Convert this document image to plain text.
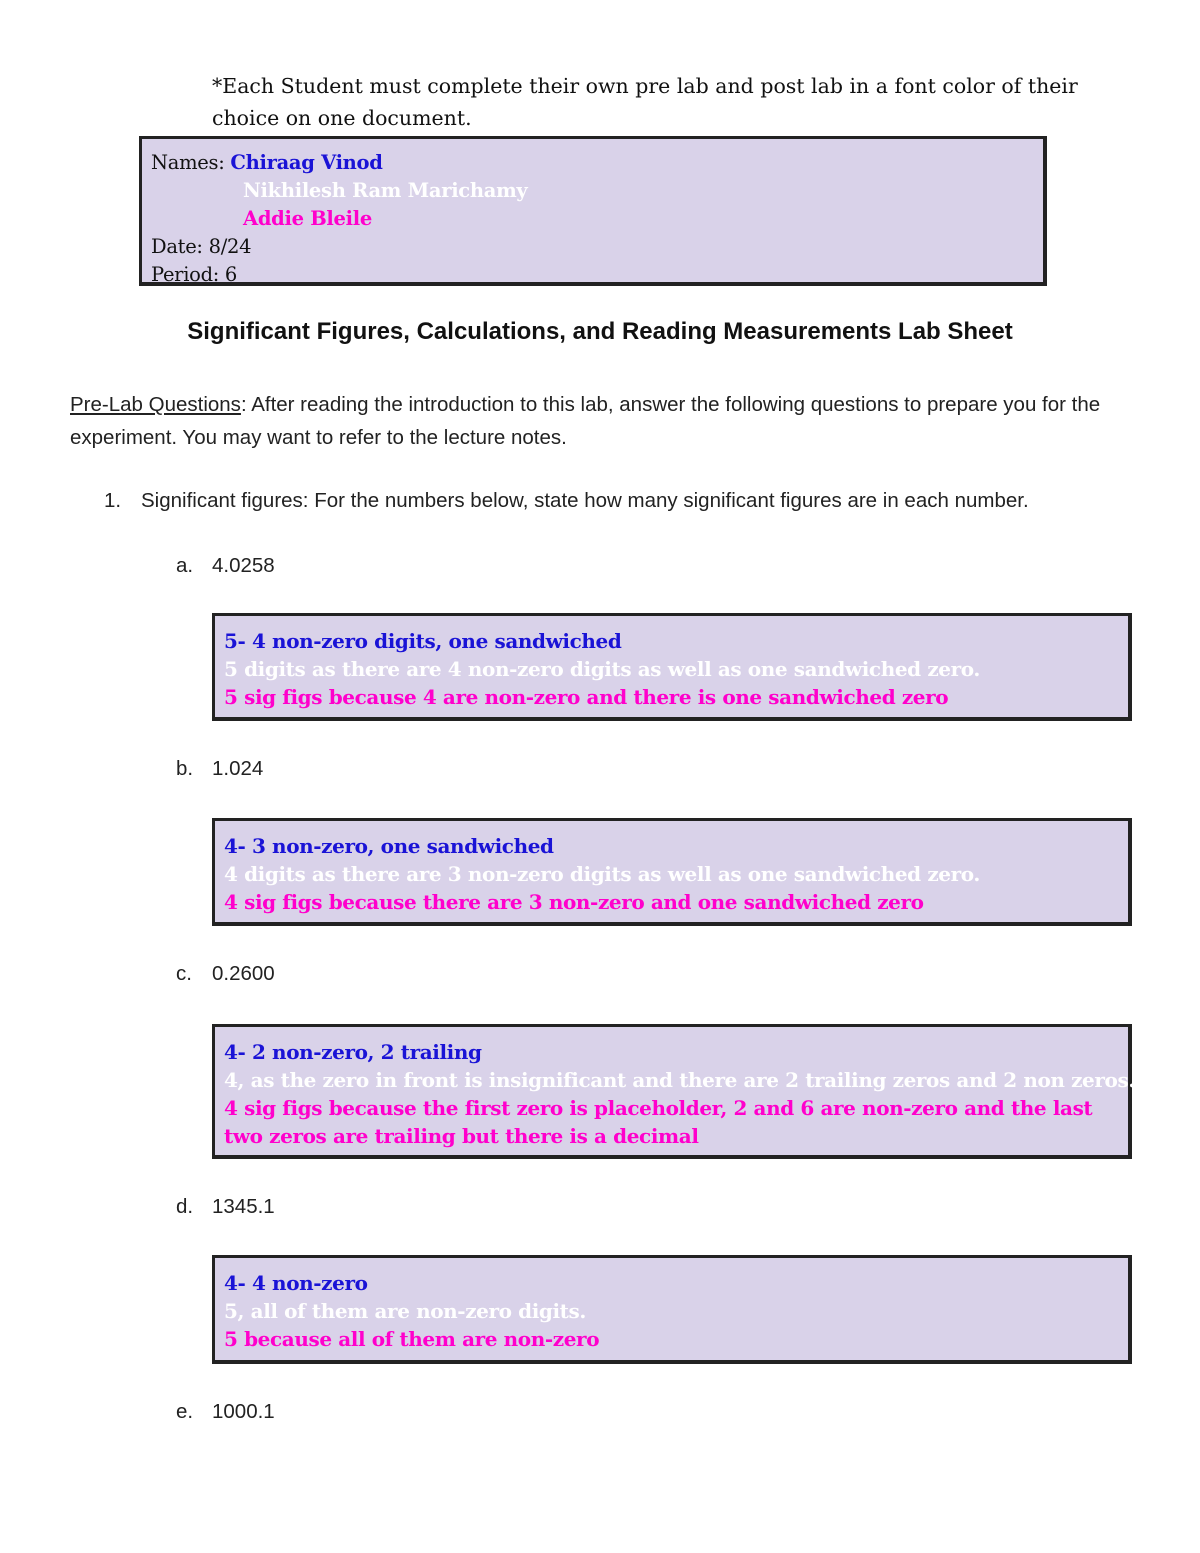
*Each Student must complete their own pre lab and post lab in a font color of their choice on one document.
Names: Chiraag Vinod
Nikhilesh Ram Marichamy
Addie Bleile
Date: 8/24
Period: 6
Significant Figures, Calculations, and Reading Measurements Lab Sheet
Pre-Lab Questions: After reading the introduction to this lab, answer the following questions to prepare you for the experiment. You may want to refer to the lecture notes.
1. Significant figures: For the numbers below, state how many significant figures are in each number.
a. 4.0258
5- 4 non-zero digits, one sandwiched
5 digits as there are 4 non-zero digits as well as one sandwiched zero.
5 sig figs because 4 are non-zero and there is one sandwiched zero
b. 1.024
4- 3 non-zero, one sandwiched
4 digits as there are 3 non-zero digits as well as one sandwiched zero.
4 sig figs because there are 3 non-zero and one sandwiched zero
c. 0.2600
4- 2 non-zero, 2 trailing
4, as the zero in front is insignificant and there are 2 trailing zeros and 2 non zeros.
4 sig figs because the first zero is placeholder, 2 and 6 are non-zero and the last two zeros are trailing but there is a decimal
d. 1345.1
4- 4 non-zero
5, all of them are non-zero digits.
5 because all of them are non-zero
e. 1000.1
